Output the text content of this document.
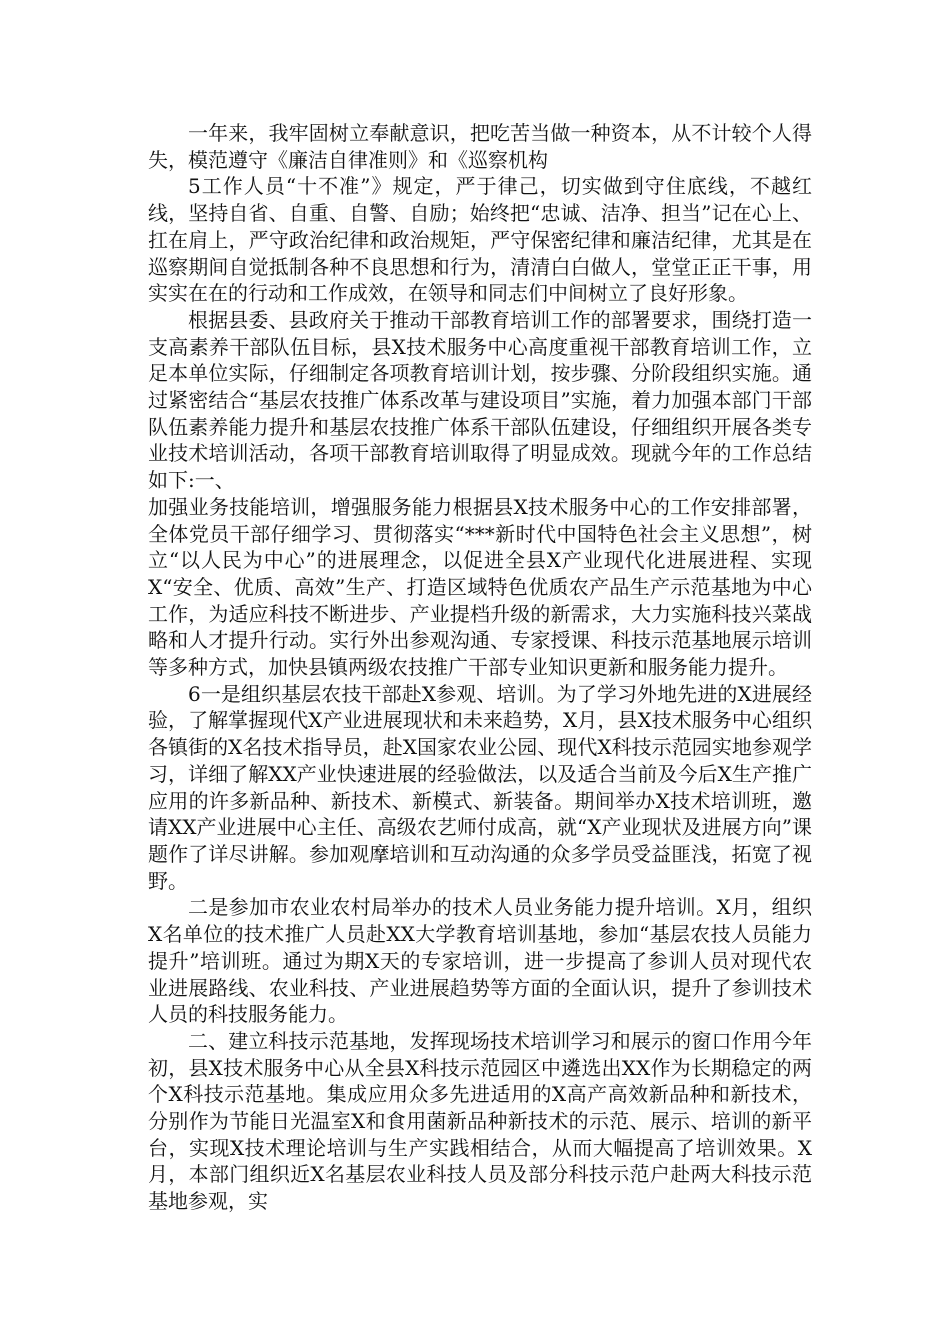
一年来，我牢固树立奉献意识，把吃苦当做一种资本，从不计较个人得失，模范遵守《廉洁自律准则》和《巡察机构

5工作人员“十不准”》规定，严于律己，切实做到守住底线，不越红线，坚持自省、自重、自警、自励；始终把“忠诚、洁净、担当”记在心上、扛在肩上，严守政治纪律和政治规矩，严守保密纪律和廉洁纪律，尤其是在巡察期间自觉抵制各种不良思想和行为，清清白白做人，堂堂正正干事，用实实在在的行动和工作成效，在领导和同志们中间树立了良好形象。

根据县委、县政府关于推动干部教育培训工作的部署要求，围绕打造一支高素养干部队伍目标，县X技术服务中心高度重视干部教育培训工作，立足本单位实际，仔细制定各项教育培训计划，按步骤、分阶段组织实施。通过紧密结合“基层农技推广体系改革与建设项目”实施，着力加强本部门干部队伍素养能力提升和基层农技推广体系干部队伍建设，仔细组织开展各类专业技术培训活动，各项干部教育培训取得了明显成效。现就今年的工作总结如下:一、

加强业务技能培训，增强服务能力根据县X技术服务中心的工作安排部署，全体党员干部仔细学习、贯彻落实“***新时代中国特色社会主义思想”，树立“以人民为中心”的进展理念，以促进全县X产业现代化进展进程、实现X“安全、优质、高效”生产、打造区域特色优质农产品生产示范基地为中心工作，为适应科技不断进步、产业提档升级的新需求，大力实施科技兴菜战略和人才提升行动。实行外出参观沟通、专家授课、科技示范基地展示培训等多种方式，加快县镇两级农技推广干部专业知识更新和服务能力提升。

6一是组织基层农技干部赴X参观、培训。为了学习外地先进的X进展经验，了解掌握现代X产业进展现状和未来趋势，X月，县X技术服务中心组织各镇街的X名技术指导员，赴X国家农业公园、现代X科技示范园实地参观学习，详细了解XX产业快速进展的经验做法，以及适合当前及今后X生产推广应用的许多新品种、新技术、新模式、新装备。期间举办X技术培训班，邀请XX产业进展中心主任、高级农艺师付成高，就“X产业现状及进展方向”课题作了详尽讲解。参加观摩培训和互动沟通的众多学员受益匪浅，拓宽了视野。

二是参加市农业农村局举办的技术人员业务能力提升培训。X月，组织X名单位的技术推广人员赴XX大学教育培训基地，参加“基层农技人员能力提升”培训班。通过为期X天的专家培训，进一步提高了参训人员对现代农业进展路线、农业科技、产业进展趋势等方面的全面认识，提升了参训技术人员的科技服务能力。

二、建立科技示范基地，发挥现场技术培训学习和展示的窗口作用今年初，县X技术服务中心从全县X科技示范园区中遴选出XX作为长期稳定的两个X科技示范基地。集成应用众多先进适用的X高产高效新品种和新技术，分别作为节能日光温室X和食用菌新品种新技术的示范、展示、培训的新平台，实现X技术理论培训与生产实践相结合，从而大幅提高了培训效果。X月，本部门组织近X名基层农业科技人员及部分科技示范户赴两大科技示范基地参观，实
